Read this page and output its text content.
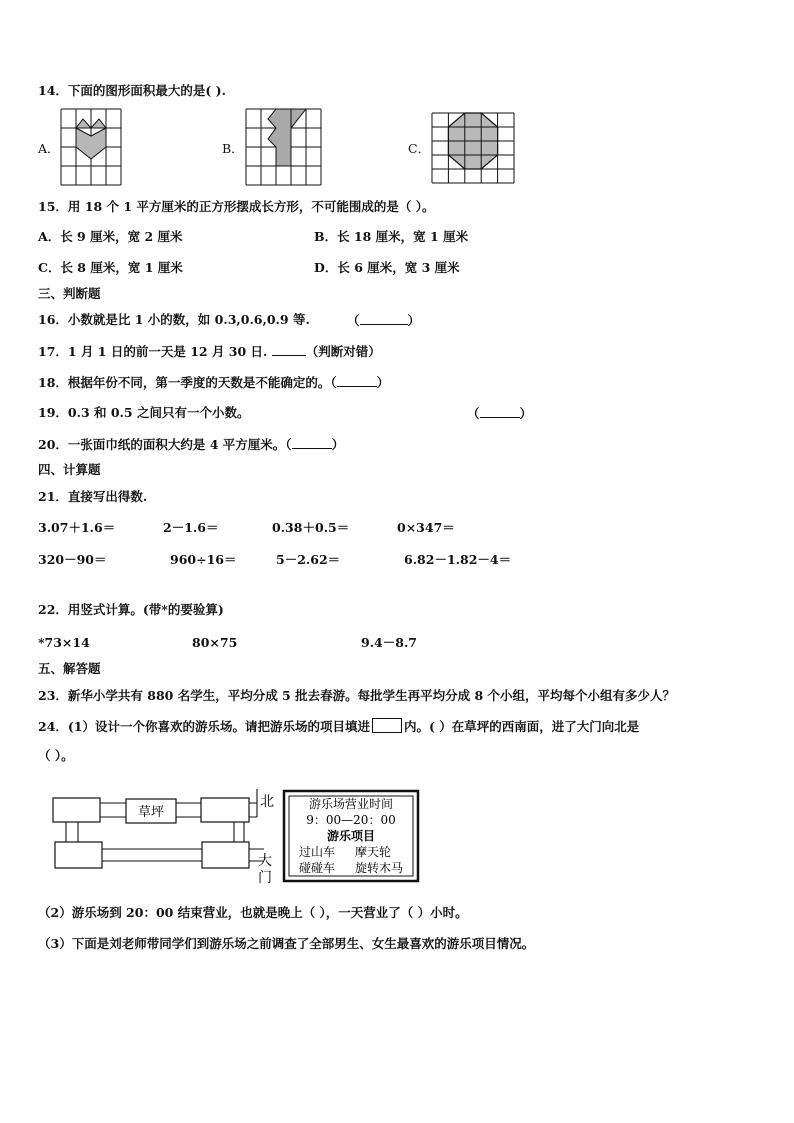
14．下面的图形面积最大的是( ).
A．	B．	C．
15．用 18 个 1 平方厘米的正方形摆成长方形，不可能围成的是（ ）。
A．长 9 厘米，宽 2 厘米	B．长 18 厘米，宽 1 厘米
C．长 8 厘米，宽 1 厘米	D．长 6 厘米，宽 3 厘米
三、判断题
16．小数就是比 1 小的数，如 0.3,0.6,0.9 等.	（	）
17．1 月 1 日的前一天是 12 月 30 日.	（判断对错）
18．根据年份不同，第一季度的天数是不能确定的。（	）
19．0.3 和 0.5 之间只有一个小数。	（	）
20．一张面巾纸的面积大约是 4 平方厘米。（	）
四、计算题
21．直接写出得数.
3.07＋1.6＝	2－1.6＝	0.38＋0.5＝	0×347＝
320－90＝	960÷16＝	5－2.62＝	6.82－1.82－4＝
22．用竖式计算。(带*的要验算)
*73×14	80×75	9.4－8.7
五、解答题
23．新华小学共有 880 名学生，平均分成 5 批去春游。每批学生再平均分成 8 个小组，平均每个小组有多少人？
24．(1）设计一个你喜欢的游乐场。请把游乐场的项目填进	内。( ）在草坪的西南面，进了大门向北是
（ ）。
草坪
北
大
门
游乐场营业时间
9：00—20：00
游乐项目
过山车 摩天轮
碰碰车 旋转木马
（2）游乐场到 20：00 结束营业，也就是晚上（ ），一天营业了（ ）小时。
（3）下面是刘老师带同学们到游乐场之前调查了全部男生、女生最喜欢的游乐项目情况。
